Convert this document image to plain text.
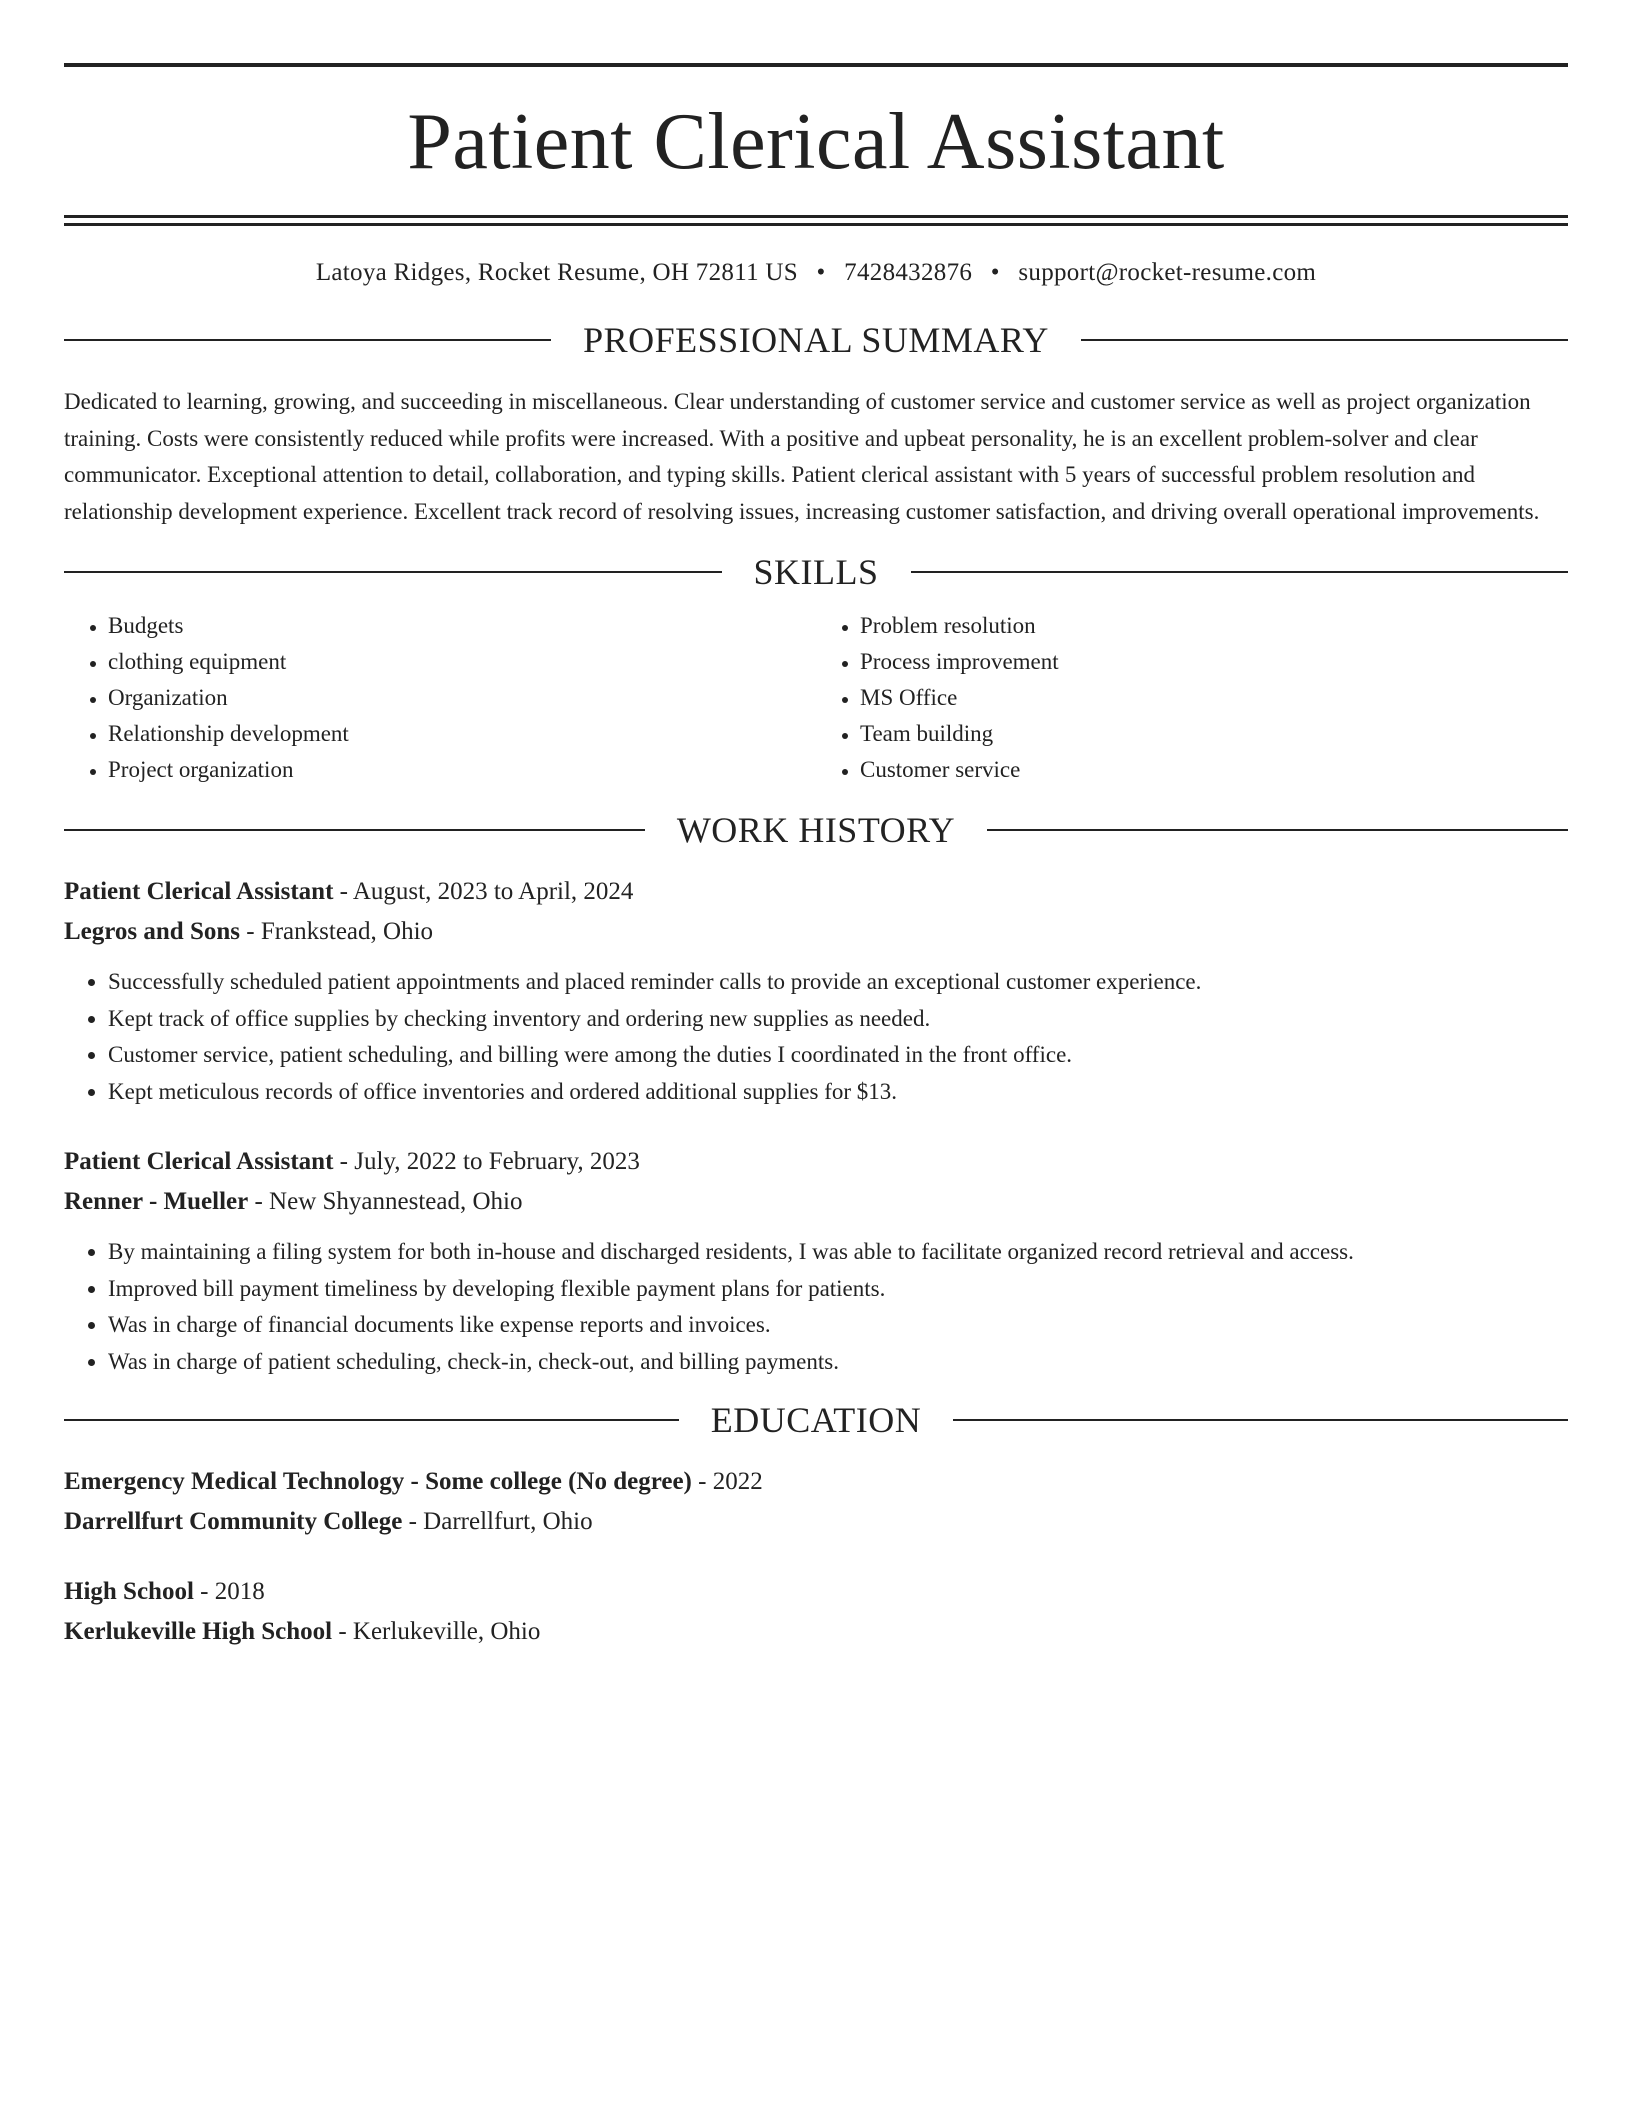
Patient Clerical Assistant
Latoya Ridges, Rocket Resume, OH 72811 US • 7428432876 • support@rocket-resume.com
PROFESSIONAL SUMMARY
Dedicated to learning, growing, and succeeding in miscellaneous. Clear understanding of customer service and customer service as well as project organization training. Costs were consistently reduced while profits were increased. With a positive and upbeat personality, he is an excellent problem-solver and clear communicator. Exceptional attention to detail, collaboration, and typing skills. Patient clerical assistant with 5 years of successful problem resolution and relationship development experience. Excellent track record of resolving issues, increasing customer satisfaction, and driving overall operational improvements.
SKILLS
• Budgets
• clothing equipment
• Organization
• Relationship development
• Project organization
• Problem resolution
• Process improvement
• MS Office
• Team building
• Customer service
WORK HISTORY
Patient Clerical Assistant - August, 2023 to April, 2024
Legros and Sons - Frankstead, Ohio
• Successfully scheduled patient appointments and placed reminder calls to provide an exceptional customer experience.
• Kept track of office supplies by checking inventory and ordering new supplies as needed.
• Customer service, patient scheduling, and billing were among the duties I coordinated in the front office.
• Kept meticulous records of office inventories and ordered additional supplies for $13.
Patient Clerical Assistant - July, 2022 to February, 2023
Renner - Mueller - New Shyannestead, Ohio
• By maintaining a filing system for both in-house and discharged residents, I was able to facilitate organized record retrieval and access.
• Improved bill payment timeliness by developing flexible payment plans for patients.
• Was in charge of financial documents like expense reports and invoices.
• Was in charge of patient scheduling, check-in, check-out, and billing payments.
EDUCATION
Emergency Medical Technology - Some college (No degree) - 2022
Darrellfurt Community College - Darrellfurt, Ohio
High School - 2018
Kerlukeville High School - Kerlukeville, Ohio
